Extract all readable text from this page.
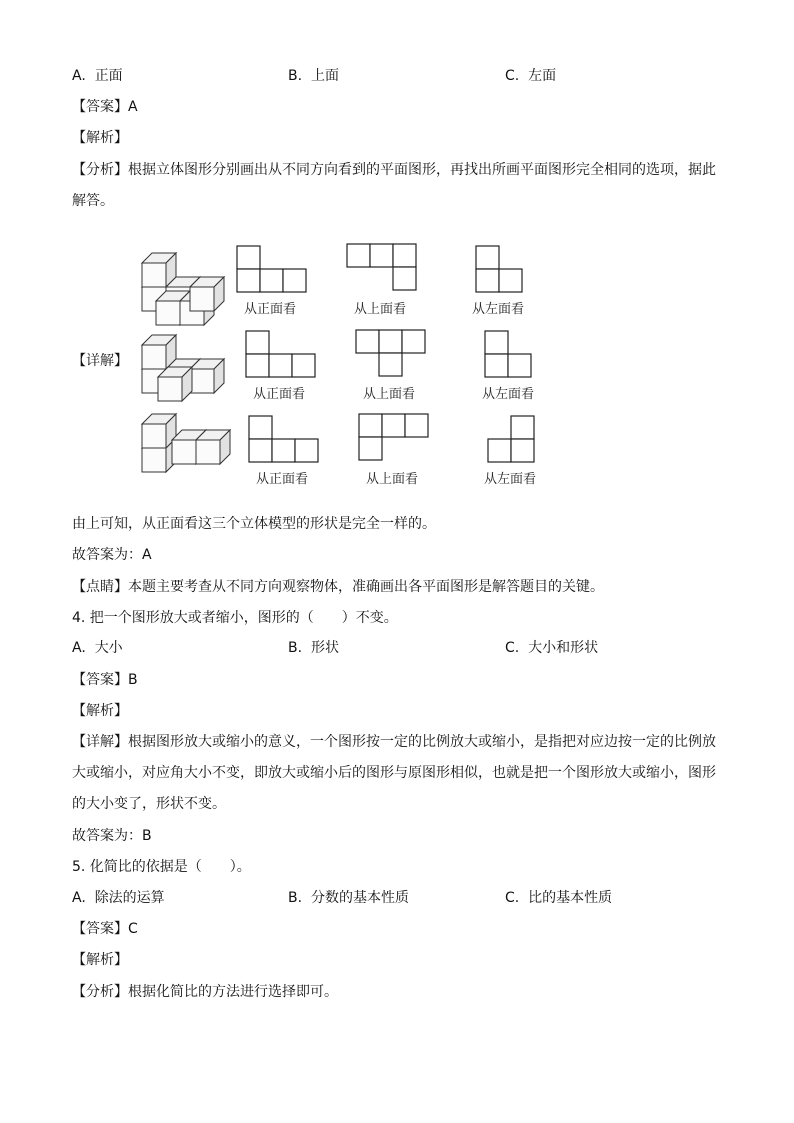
A. 正面	B. 上面	C. 左面
【答案】A
【解析】
【分析】根据立体图形分别画出从不同方向看到的平面图形，再找出所画平面图形完全相同的选项，据此
解答。
【详解】
从正面看	从上面看	从左面看
从正面看	从上面看	从左面看
从正面看	从上面看	从左面看
由上可知，从正面看这三个立体模型的形状是完全一样的。
故答案为：A
【点睛】本题主要考查从不同方向观察物体，准确画出各平面图形是解答题目的关键。
4. 把一个图形放大或者缩小，图形的（　　）不变。
A. 大小	B. 形状	C. 大小和形状
【答案】B
【解析】
【详解】根据图形放大或缩小的意义，一个图形按一定的比例放大或缩小，是指把对应边按一定的比例放
大或缩小，对应角大小不变，即放大或缩小后的图形与原图形相似，也就是把一个图形放大或缩小，图形
的大小变了，形状不变。
故答案为：B
5. 化简比的依据是（　　）。
A. 除法的运算	B. 分数的基本性质	C. 比的基本性质
【答案】C
【解析】
【分析】根据化简比的方法进行选择即可。
